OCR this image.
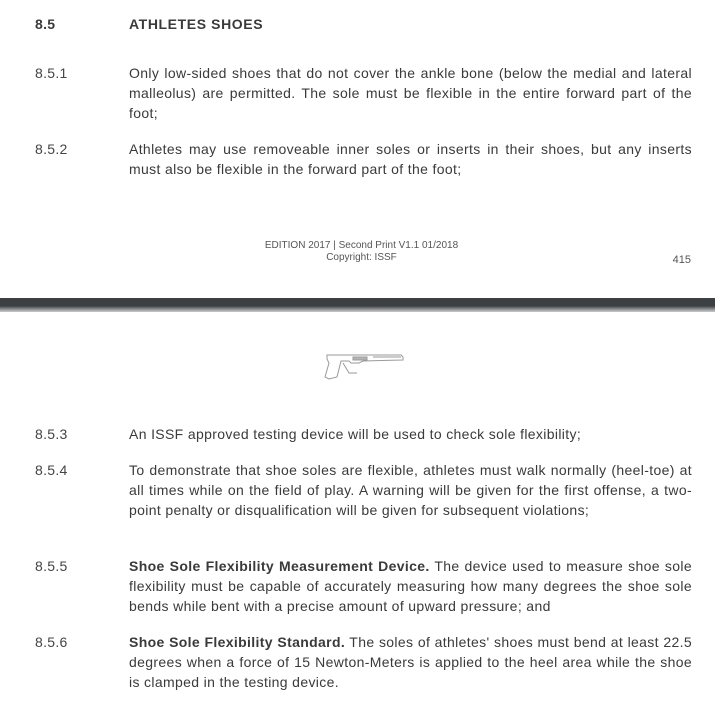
8.5	ATHLETES SHOES
8.5.1	Only low-sided shoes that do not cover the ankle bone (below the medial and lateral malleolus) are permitted. The sole must be flexible in the entire forward part of the foot;
8.5.2	Athletes may use removeable inner soles or inserts in their shoes, but any inserts must also be flexible in the forward part of the foot;
EDITION 2017 | Second Print V1.1 01/2018
Copyright: ISSF	415
8.5.3	An ISSF approved testing device will be used to check sole flexibility;
8.5.4	To demonstrate that shoe soles are flexible, athletes must walk normally (heel-toe) at all times while on the field of play. A warning will be given for the first offense, a two-point penalty or disqualification will be given for subsequent violations;
8.5.5	Shoe Sole Flexibility Measurement Device. The device used to measure shoe sole flexibility must be capable of accurately measuring how many degrees the shoe sole bends while bent with a precise amount of upward pressure; and
8.5.6	Shoe Sole Flexibility Standard. The soles of athletes' shoes must bend at least 22.5 degrees when a force of 15 Newton-Meters is applied to the heel area while the shoe is clamped in the testing device.
